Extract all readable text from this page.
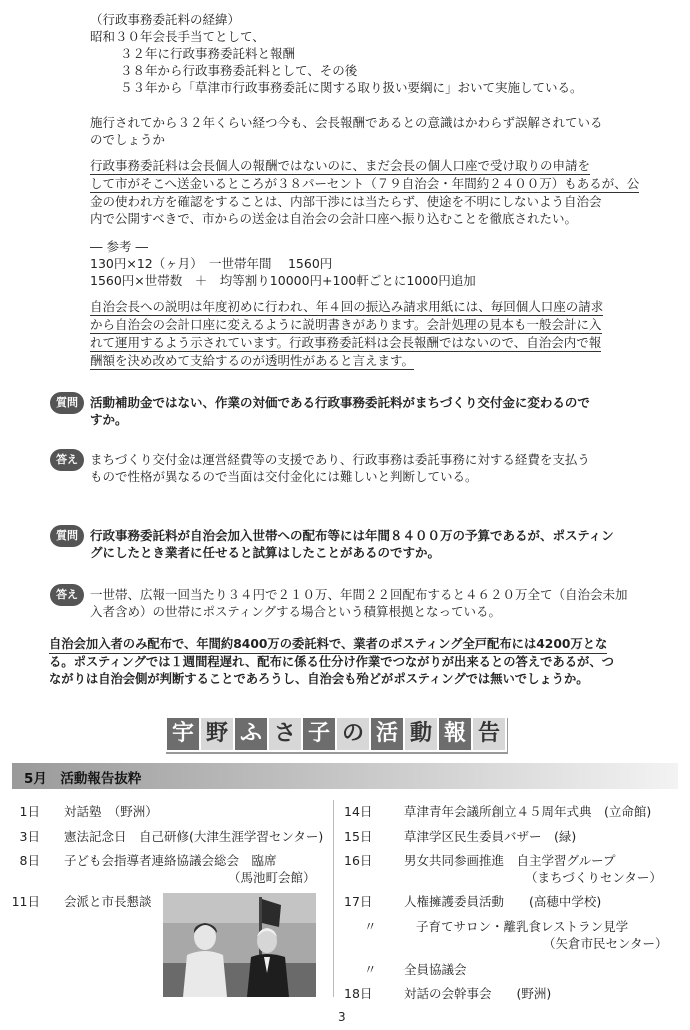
（行政事務委託料の経緯）
昭和３０年会長手当てとして、
３２年に行政事務委託料と報酬
３８年から行政事務委託料として、その後
５３年から「草津市行政事務委託に関する取り扱い要綱に」おいて実施している。
施行されてから３２年くらい経つ今も、会長報酬であるとの意識はかわらず誤解されている
のでしょうか
行政事務委託料は会長個人の報酬ではないのに、まだ会長の個人口座で受け取りの申請を
して市がそこへ送金いるところが３８パーセント（７９自治会・年間約２４００万）もあるが、公
金の使われ方を確認をすることは、内部干渉には当たらず、使途を不明にしないよう自治会
内で公開すべきで、市からの送金は自治会の会計口座へ振り込むことを徹底されたい。
― 参考 ―
130円×12（ヶ月）　一世帯年間　 1560円
1560円×世帯数　＋　均等割り10000円+100軒ごとに1000円追加
自治会長への説明は年度初めに行われ、年４回の振込み請求用紙には、毎回個人口座の請求
から自治会の会計口座に変えるように説明書きがあります。会計処理の見本も一般会計に入
れて運用するよう示されています。行政事務委託料は会長報酬ではないので、自治会内で報
酬額を決め改めて支給するのが透明性があると言えます。
質問 活動補助金ではない、作業の対価である行政事務委託料がまちづくり交付金に変わるので
すか。
答え まちづくり交付金は運営経費等の支援であり、行政事務は委託事務に対する経費を支払う
もので性格が異なるので当面は交付金化には難しいと判断している。
質問 行政事務委託料が自治会加入世帯への配布等には年間８４００万の予算であるが、ポスティン
グにしたとき業者に任せると試算はしたことがあるのですか。
答え 一世帯、広報一回当たり３４円で２１０万、年間２２回配布すると４６２０万全て（自治会未加
入者含め）の世帯にポスティングする場合という積算根拠となっている。
自治会加入者のみ配布で、年間約8400万の委託料で、業者のポスティング全戸配布には4200万とな
る。ポスティングでは１週間程遅れ、配布に係る仕分け作業でつながりが出来るとの答えであるが、つ
ながりは自治会側が判断することであろうし、自治会も殆どがポスティングでは無いでしょうか。
宇 野 ふ さ 子 の 活 動 報 告
5月　活動報告抜粋
1日 対話塾　（野洲）
3日 憲法記念日　自己研修(大津生涯学習センター)
8日 子ども会指導者連絡協議会総会　臨席
（馬池町会館）
11日 会派と市長懇談
14日	草津青年会議所創立４５周年式典　(立命館)
15日	草津学区民生委員バザー　(緑)
16日	男女共同参画推進　自主学習グループ
（まちづくりセンター）
17日	人権擁護委員活動　　(高穂中学校)
〃	子育てサロン・離乳食レストラン見学
（矢倉市民センター）
〃 全員協議会
18日	対話の会幹事会　　(野洲)
3
